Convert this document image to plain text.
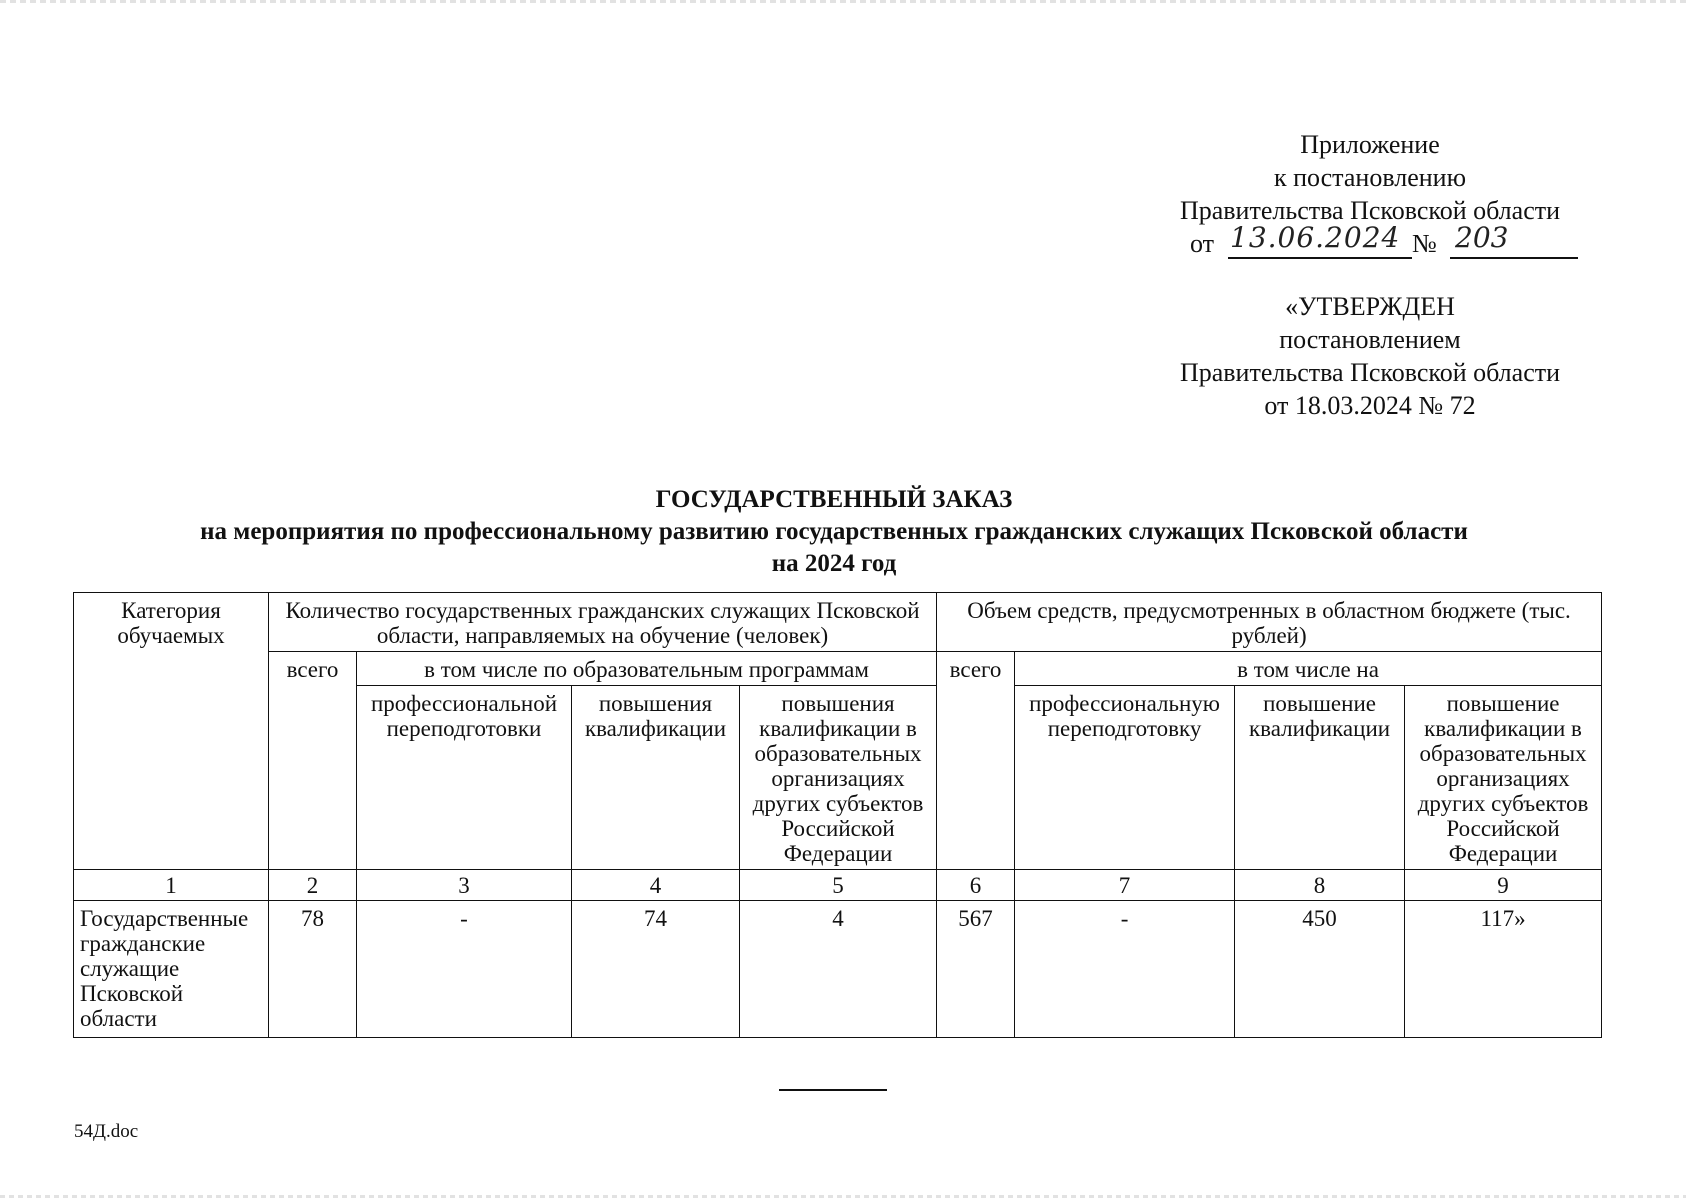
Приложение
к постановлению
Правительства Псковской области
от 13.06.2024 № 203
«УТВЕРЖДЕН
постановлением
Правительства Псковской области
от 18.03.2024 № 72
ГОСУДАРСТВЕННЫЙ ЗАКАЗ
на мероприятия по профессиональному развитию государственных гражданских служащих Псковской области
на 2024 год
Категория обучаемых	Количество государственных гражданских служащих Псковской области, направляемых на обучение (человек)				Объем средств, предусмотренных в областном бюджете (тыс. рублей)			
	всего	в том числе по образовательным программам			всего	в том числе на		
		профессиональной переподготовки	повышения квалификации	повышения квалификации в образовательных организациях других субъектов Российской Федерации		профессиональную переподготовку	повышение квалификации	повышение квалификации в образовательных организациях других субъектов Российской Федерации
1	2	3	4	5	6	7	8	9
Государственные гражданские служащие Псковской области	78	-	74	4	567	-	450	117»
54Д.doc
